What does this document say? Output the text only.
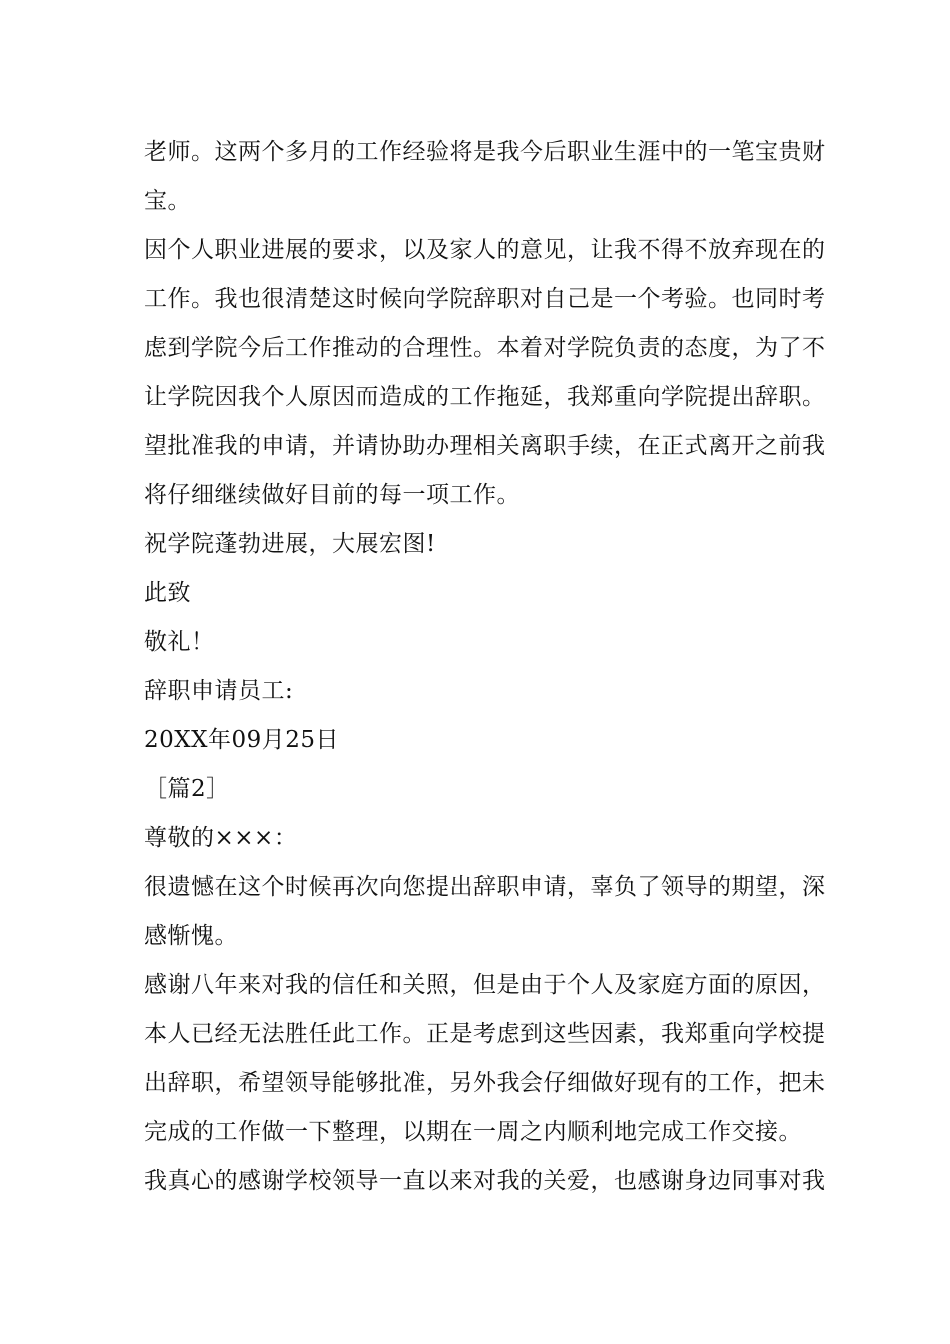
老师。这两个多月的工作经验将是我今后职业生涯中的一笔宝贵财
宝。
因个人职业进展的要求，以及家人的意见，让我不得不放弃现在的
工作。我也很清楚这时候向学院辞职对自己是一个考验。也同时考
虑到学院今后工作推动的合理性。本着对学院负责的态度，为了不
让学院因我个人原因而造成的工作拖延，我郑重向学院提出辞职。
望批准我的申请，并请协助办理相关离职手续，在正式离开之前我
将仔细继续做好目前的每一项工作。
祝学院蓬勃进展，大展宏图!
此致
敬礼！
辞职申请员工:
20XX年09月25日
［篇2］
尊敬的×××：
很遗憾在这个时候再次向您提出辞职申请，辜负了领导的期望，深
感惭愧。
感谢八年来对我的信任和关照，但是由于个人及家庭方面的原因，
本人已经无法胜任此工作。正是考虑到这些因素，我郑重向学校提
出辞职，希望领导能够批准，另外我会仔细做好现有的工作，把未
完成的工作做一下整理，以期在一周之内顺利地完成工作交接。
我真心的感谢学校领导一直以来对我的关爱，也感谢身边同事对我
